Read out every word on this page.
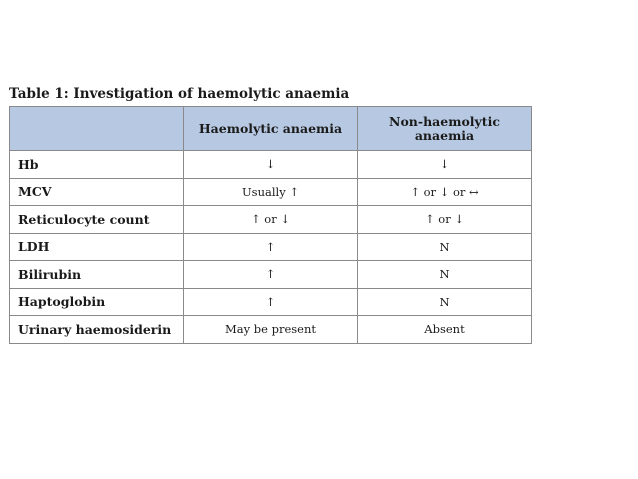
Table 1: Investigation of haemolytic anaemia
	Haemolytic anaemia	Non-haemolytic anaemia
Hb	↓	↓
MCV	Usually ↑	↑ or ↓ or ↔
Reticulocyte count	↑ or ↓	↑ or ↓
LDH	↑	N
Bilirubin	↑	N
Haptoglobin	↑	N
Urinary haemosiderin	May be present	Absent
